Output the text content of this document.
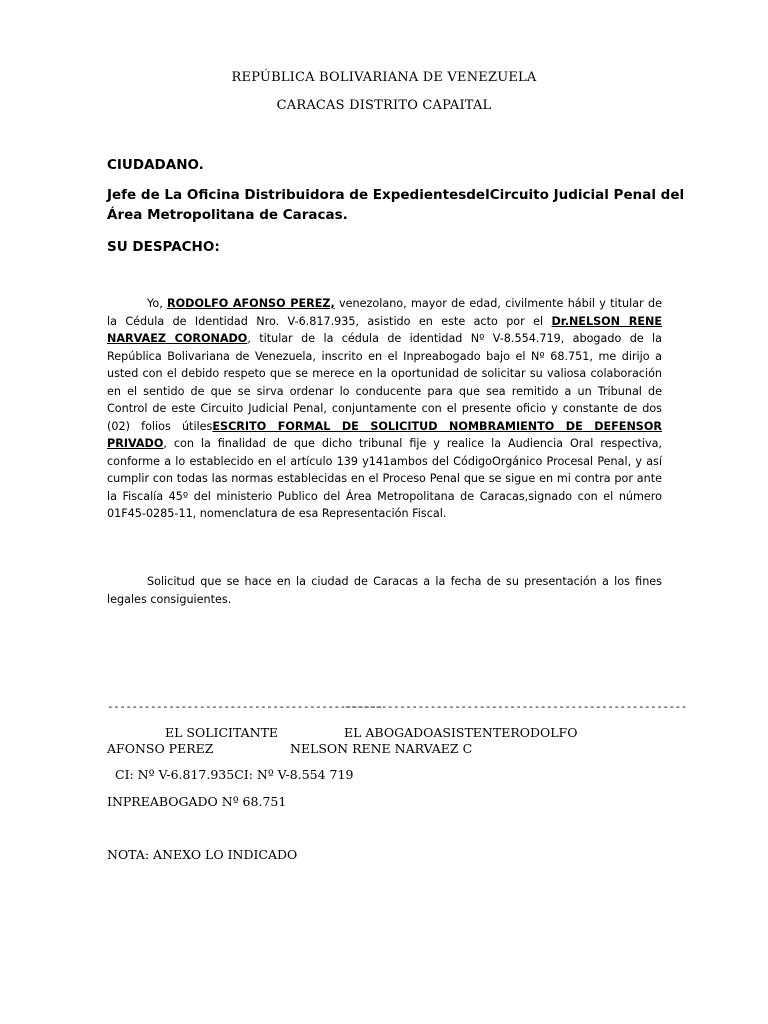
REPÚBLICA BOLIVARIANA DE VENEZUELA
CARACAS DISTRITO CAPAITAL
CIUDADANO.
Jefe de La Oficina Distribuidora de ExpedientesdelCircuito Judicial Penal del
Área Metropolitana de Caracas.
SU DESPACHO:
Yo, RODOLFO AFONSO PEREZ, venezolano, mayor de edad, civilmente hábil y titular de la Cédula de Identidad Nro. V-6.817.935, asistido en este acto por el Dr.NELSON RENE NARVAEZ CORONADO, titular de la cédula de identidad Nº V-8.554.719, abogado de la República Bolivariana de Venezuela, inscrito en el Inpreabogado bajo el Nº 68.751, me dirijo a usted con el debido respeto que se merece en la oportunidad de solicitar su valiosa colaboración en el sentido de que se sirva ordenar lo conducente para que sea remitido a un Tribunal de Control de este Circuito Judicial Penal, conjuntamente con el presente oficio y constante de dos (02) folios útilesESCRITO FORMAL DE SOLICITUD NOMBRAMIENTO DE DEFENSOR PRIVADO, con la finalidad de que dicho tribunal fije y realice la Audiencia Oral respectiva, conforme a lo establecido en el artículo 139 y141ambos del CódigoOrgánico Procesal Penal, y así cumplir con todas las normas establecidas en el Proceso Penal que se sigue en mi contra por ante la Fiscalía 45º del ministerio Publico del Área Metropolitana de Caracas,signado con el número 01F45-0285-11, nomenclatura de esa Representación Fiscal.
Solicitud que se hace en la ciudad de Caracas a la fecha de su presentación a los fines legales consiguientes.
---------------------------------------------
--------------------------------------------------------
EL SOLICITANTE	EL ABOGADOASISTENTERODOLFO
AFONSO PEREZ	NELSON RENE NARVAEZ C
CI: Nº V-6.817.935CI: Nº V-8.554 719
INPREABOGADO Nº 68.751
NOTA: ANEXO LO INDICADO
